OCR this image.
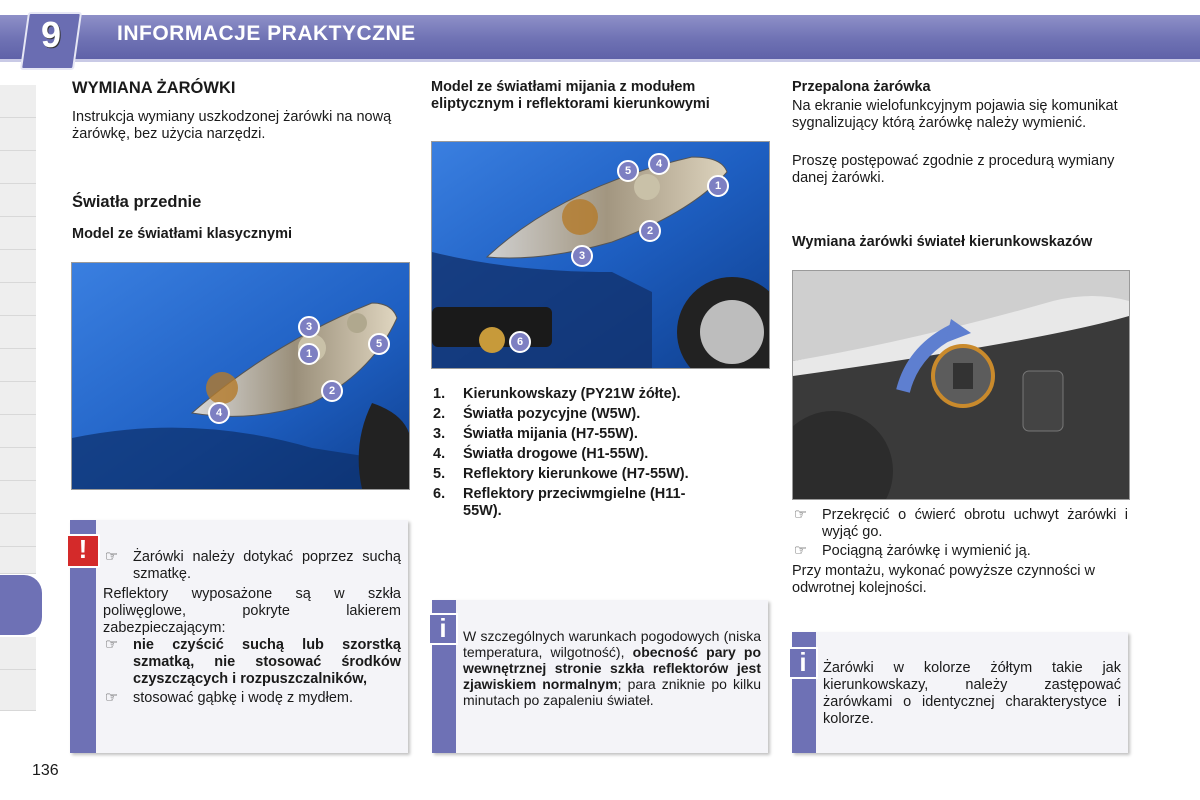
9	INFORMACJE PRAKTYCZNE
WYMIANA ŻARÓWKI
Instrukcja wymiany uszkodzonej żarówki na nową żarówkę, bez użycia narzędzi.
Światła przednie
Model ze światłami klasycznymi
3
5
1
2
4
!	☞ Żarówki należy dotykać poprzez suchą szmatkę.
Reflektory wyposażone są w szkła poliwęglowe, pokryte lakierem zabezpieczającym:
☞ nie czyścić suchą lub szorstką szmatką, nie stosować środków czyszczących i rozpuszczalników,
☞ stosować gąbkę i wodę z mydłem.
Model ze światłami mijania z modułem eliptycznym i reflektorami kierunkowymi
5
4
1
2
3
6
1. Kierunkowskazy (PY21W żółte).
2. Światła pozycyjne (W5W).
3. Światła mijania (H7-55W).
4. Światła drogowe (H1-55W).
5. Reflektory kierunkowe (H7-55W).
6. Reflektory przeciwmgielne (H11-55W).
i	W szczególnych warunkach pogodowych (niska temperatura, wilgotność), obecność pary po wewnętrznej stronie szkła reflektorów jest zjawiskiem normalnym; para zniknie po kilku minutach po zapaleniu świateł.
Przepalona żarówka
Na ekranie wielofunkcyjnym pojawia się komunikat sygnalizujący którą żarówkę należy wymienić.
Proszę postępować zgodnie z procedurą wymiany danej żarówki.
Wymiana żarówki świateł kierunkowskazów
☞ Przekręcić o ćwierć obrotu uchwyt żarówki i wyjąć go.
☞ Pociągną żarówkę i wymienić ją.
Przy montażu, wykonać powyższe czynności w odwrotnej kolejności.
i	Żarówki w kolorze żółtym takie jak kierunkowskazy, należy zastępować żarówkami o identycznej charakterystyce i kolorze.
136
